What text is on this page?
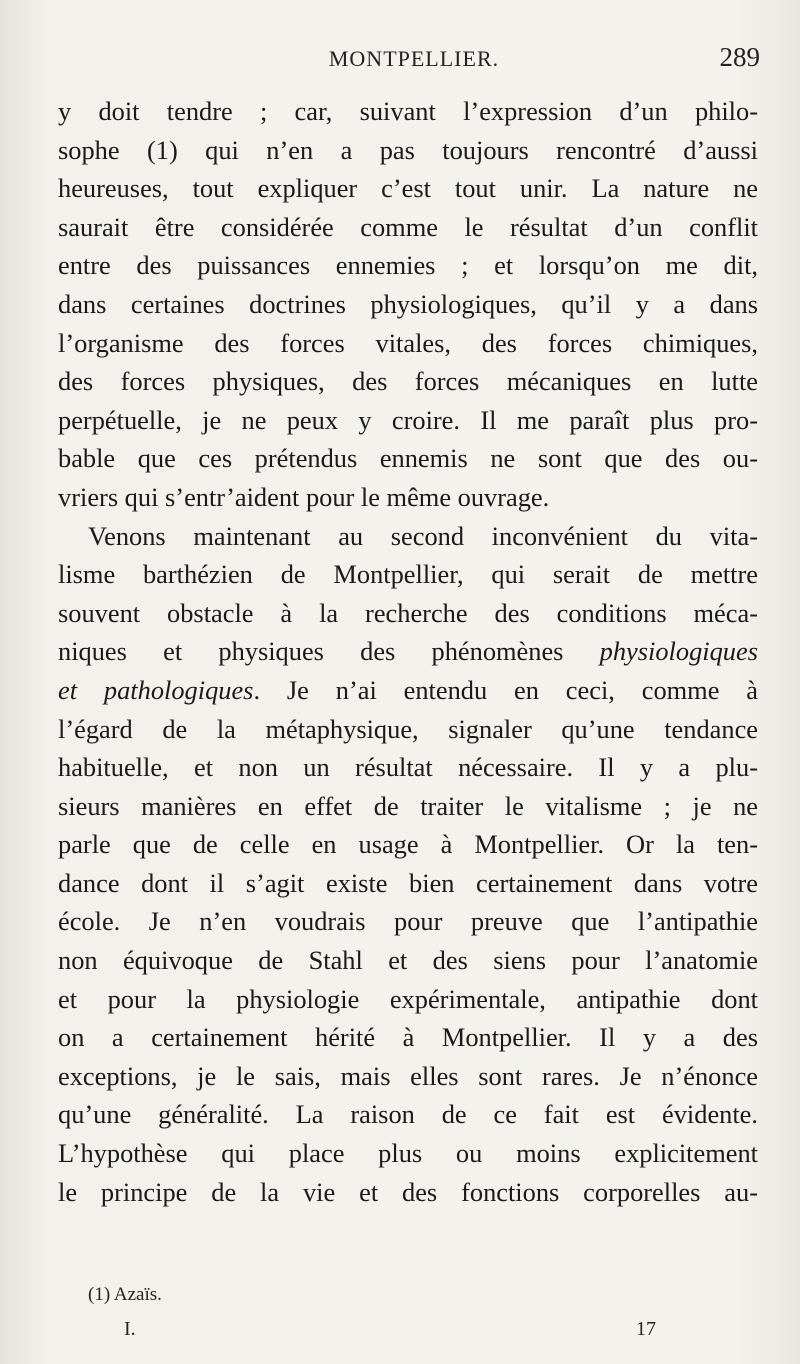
MONTPELLIER.	289
y doit tendre ; car, suivant l’expression d’un philo-
sophe (1) qui n’en a pas toujours rencontré d’aussi
heureuses, tout expliquer c’est tout unir. La nature ne
saurait être considérée comme le résultat d’un conflit
entre des puissances ennemies ; et lorsqu’on me dit,
dans certaines doctrines physiologiques, qu’il y a dans
l’organisme des forces vitales, des forces chimiques,
des forces physiques, des forces mécaniques en lutte
perpétuelle, je ne peux y croire. Il me paraît plus pro-
bable que ces prétendus ennemis ne sont que des ou-
vriers qui s’entr’aident pour le même ouvrage.
Venons maintenant au second inconvénient du vita-
lisme barthézien de Montpellier, qui serait de mettre
souvent obstacle à la recherche des conditions méca-
niques et physiques des phénomènes physiologiques
et pathologiques. Je n’ai entendu en ceci, comme à
l’égard de la métaphysique, signaler qu’une tendance
habituelle, et non un résultat nécessaire. Il y a plu-
sieurs manières en effet de traiter le vitalisme ; je ne
parle que de celle en usage à Montpellier. Or la ten-
dance dont il s’agit existe bien certainement dans votre
école. Je n’en voudrais pour preuve que l’antipathie
non équivoque de Stahl et des siens pour l’anatomie
et pour la physiologie expérimentale, antipathie dont
on a certainement hérité à Montpellier. Il y a des
exceptions, je le sais, mais elles sont rares. Je n’énonce
qu’une généralité. La raison de ce fait est évidente.
L’hypothèse qui place plus ou moins explicitement
le principe de la vie et des fonctions corporelles au-
(1) Azaïs.
I.	17
